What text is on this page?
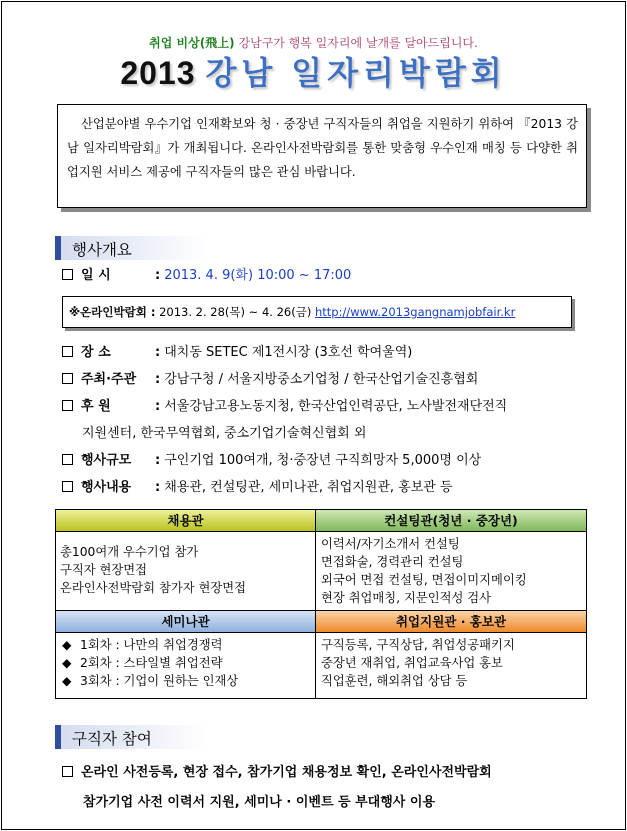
취업 비상(飛上) 강남구가 행복 일자리에 날개를 달아드립니다.
2013 강남 일자리박람회
산업분야별 우수기업 인재확보와 청 · 중장년 구직자들의 취업을 지원하기 위하여 『2013 강남 일자리박람회』가 개최됩니다. 온라인사전박람회를 통한 맞춤형 우수인재 매칭 등 다양한 취업지원 서비스 제공에 구직자들의 많은 관심 바랍니다.
행사개요
일 시	: 2013. 4. 9(화) 10:00 ~ 17:00
※온라인박람회 : 2013. 2. 28(목) ~ 4. 26(금) http://www.2013gangnamjobfair.kr
장 소	: 대치동 SETEC 제1전시장 (3호선 학여울역)
주최·주관 : 강남구청 / 서울지방중소기업청 / 한국산업기술진흥협회
후 원	: 서울강남고용노동지청, 한국산업인력공단, 노사발전재단전직
지원센터, 한국무역협회, 중소기업기술혁신협회 외
행사규모 : 구인기업 100여개, 청·중장년 구직희망자 5,000명 이상
행사내용 : 채용관, 컨설팅관, 세미나관, 취업지원관, 홍보관 등
채용관
총100여개 우수기업 참가
구직자 현장면접
온라인사전박람회 참가자 현장면접
컨설팅관(청년 · 중장년)
이력서/자기소개서 컨설팅
면접화술, 경력관리 컨설팅
외국어 면접 컨설팅, 면접이미지메이킹
현장 취업매칭, 지문인적성 검사
세미나관
◆ 1회차 : 나만의 취업경쟁력
◆ 2회차 : 스타일별 취업전략
◆ 3회차 : 기업이 원하는 인재상
취업지원관 · 홍보관
구직등록, 구직상담, 취업성공패키지
중장년 재취업, 취업교육사업 홍보
직업훈련, 해외취업 상담 등
구직자 참여
온라인 사전등록, 현장 접수, 참가기업 채용정보 확인, 온라인사전박람회
참가기업 사전 이력서 지원, 세미나 · 이벤트 등 부대행사 이용
